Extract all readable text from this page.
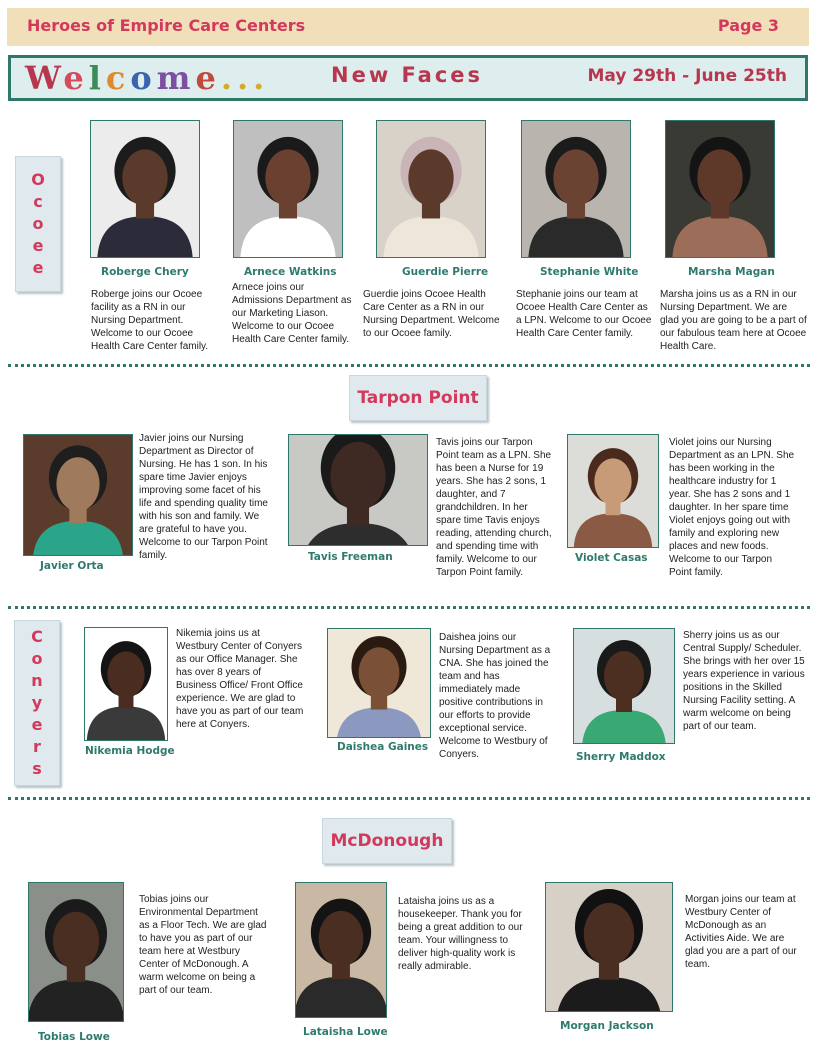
Heroes of Empire Care Centers	Page 3
Welcome...	New Faces	May 29th - June 25th
O
c
o
e
e	Roberge Chery	Arnece Watkins	Guerdie Pierre	Stephanie White	Marsha Magan
Roberge joins our Ocoee facility as a RN in our Nursing Department. Welcome to our Ocoee Health Care Center family.
Arnece joins our Admissions Department as our Marketing Liason. Welcome to our Ocoee Health Care Center family.
Guerdie joins Ocoee Health Care Center as a RN in our Nursing Department. Welcome to our Ocoee family.
Stephanie joins our team at Ocoee Health Care Center as a LPN. Welcome to our Ocoee Health Care Center family.
Marsha joins us as a RN in our Nursing Department. We are glad you are going to be a part of our fabulous team here at Ocoee Health Care.
Tarpon Point
Javier Orta
Tavis Freeman	Violet Casas
Javier joins our Nursing Department as Director of Nursing. He has 1 son. In his spare time Javier enjoys improving some facet of his life and spending quality time with his son and family. We are grateful to have you. Welcome to our Tarpon Point family.
Tavis joins our Tarpon Point team as a LPN. She has been a Nurse for 19 years. She has 2 sons, 1 daughter, and 7 grandchildren. In her spare time Tavis enjoys reading, attending church, and spending time with family. Welcome to our Tarpon Point family.
Violet joins our Nursing Department as an LPN. She has been working in the healthcare industry for 1 year. She has 2 sons and 1 daughter. In her spare time Violet enjoys going out with family and exploring new places and new foods. Welcome to our Tarpon Point family.
C
o
n
y
e
r
s
Nikemia Hodge	Daishea Gaines
Sherry Maddox
Nikemia joins us at Westbury Center of Conyers as our Office Manager. She has over 8 years of Business Office/ Front Office experience. We are glad to have you as part of our team here at Conyers.
Daishea joins our Nursing Department as a CNA. She has joined the team and has immediately made positive contributions in our efforts to provide exceptional service. Welcome to Westbury of Conyers.
Sherry joins us as our Central Supply/ Scheduler. She brings with her over 15 years experience in various positions in the Skilled Nursing Facility setting. A warm welcome on being part of our team.
McDonough
Tobias Lowe	Lataisha Lowe	Morgan Jackson
Tobias joins our Environmental Department as a Floor Tech. We are glad to have you as part of our team here at Westbury Center of McDonough. A warm welcome on being a part of our team.
Lataisha joins us as a housekeeper. Thank you for being a great addition to our team. Your willingness to deliver high-quality work is really admirable.
Morgan joins our team at Westbury Center of McDonough as an Activities Aide. We are glad you are a part of our team.
